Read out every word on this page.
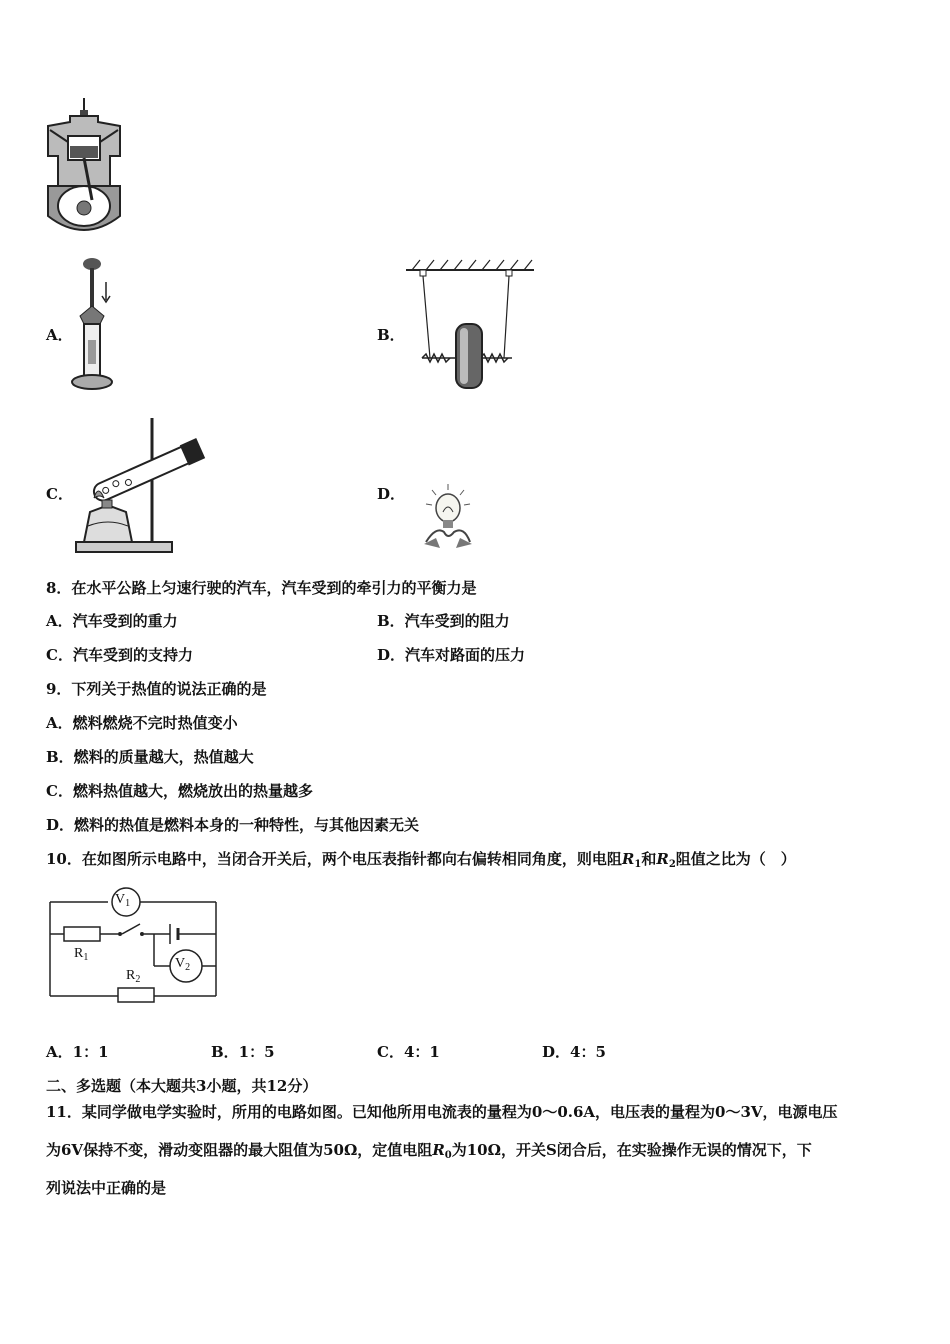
A．	B．
C．	D．
8．在水平公路上匀速行驶的汽车，汽车受到的牵引力的平衡力是
A．汽车受到的重力	B．汽车受到的阻力
C．汽车受到的支持力	D．汽车对路面的压力
9．下列关于热值的说法正确的是
A．燃料燃烧不完时热值变小
B．燃料的质量越大，热值越大
C．燃料热值越大，燃烧放出的热量越多
D．燃料的热值是燃料本身的一种特性，与其他因素无关
10．在如图所示电路中，当闭合开关后，两个电压表指针都向右偏转相同角度，则电阻$R_1$和$R_2$阻值之比为（　）
$V_1$
$V_2$
$R_1$
$R_2$
A．1：1	B．1：5	C．4：1	D．4：5
二、多选题（本大题共3小题，共12分）
11．某同学做电学实验时，所用的电路如图。已知他所用电流表的量程为0～0.6A，电压表的量程为0～3V，电源电压
为6V保持不变，滑动变阻器的最大阻值为50Ω，定值电阻$R_0$为10Ω，开关S闭合后，在实验操作无误的情况下，下
列说法中正确的是
